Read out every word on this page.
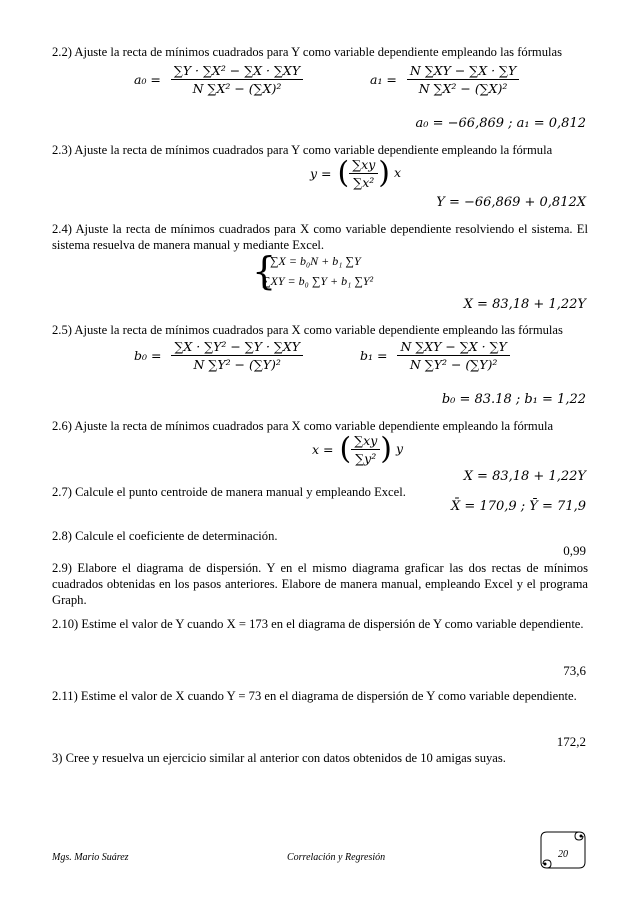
2.2) Ajuste la recta de mínimos cuadrados para Y como variable dependiente empleando las fórmulas
$a_0 = \frac{\text{∑Y · ∑X² − ∑X · ∑XY}}{\text{N ∑X² − (∑X)²}}$	$a_1 = \frac{N \sum XY - \sum X \cdot \sum Y}{\text{N ∑X² − (∑X)²}}$
a₀ = −66,869 ; a₁ = 0,812
2.3) Ajuste la recta de mínimos cuadrados para Y como variable dependiente empleando la fórmula
y = ( $\frac{\sum xy}{\text{∑x²}}$ ) x
Y = −66,869 + 0,812X
2.4) Ajuste la recta de mínimos cuadrados para X como variable dependiente resolviendo el sistema. El sistema resuelva de manera manual y mediante Excel.
{
∑X = b₀N + b₁ ∑Y
∑XY = b₀ ∑Y + b₁ ∑Y²
X = 83,18 + 1,22Y
2.5) Ajuste la recta de mínimos cuadrados para X como variable dependiente empleando las fórmulas
$b_0 = \frac{\text{∑X · ∑Y² − ∑Y · ∑XY}}{\text{N ∑Y² − (∑Y)²}}$	$b_1 = \frac{N \sum XY - \sum X \cdot \sum Y}{\text{N ∑Y² − (∑Y)²}}$
b₀ = 83.18 ; b₁ = 1,22
2.6) Ajuste la recta de mínimos cuadrados para X como variable dependiente empleando la fórmula
x = ( $\frac{\sum xy}{\text{∑y²}}$ ) y
X = 83,18 + 1,22Y
2.7) Calcule el punto centroide de manera manual y empleando Excel.
X̄ = 170,9 ; Ȳ = 71,9
2.8) Calcule el coeficiente de determinación.
0,99
2.9) Elabore el diagrama de dispersión. Y en el mismo diagrama graficar las dos rectas de mínimos cuadrados obtenidas en los pasos anteriores. Elabore de manera manual, empleando Excel y el programa Graph.
2.10) Estime el valor de Y cuando X = 173 en el diagrama de dispersión de Y como variable dependiente.
73,6
2.11) Estime el valor de X cuando Y = 73 en el diagrama de dispersión de Y como variable dependiente.
172,2
3) Cree y resuelva un ejercicio similar al anterior con datos obtenidos de 10 amigas suyas.
Mgs. Mario Suárez	Correlación y Regresión	20
